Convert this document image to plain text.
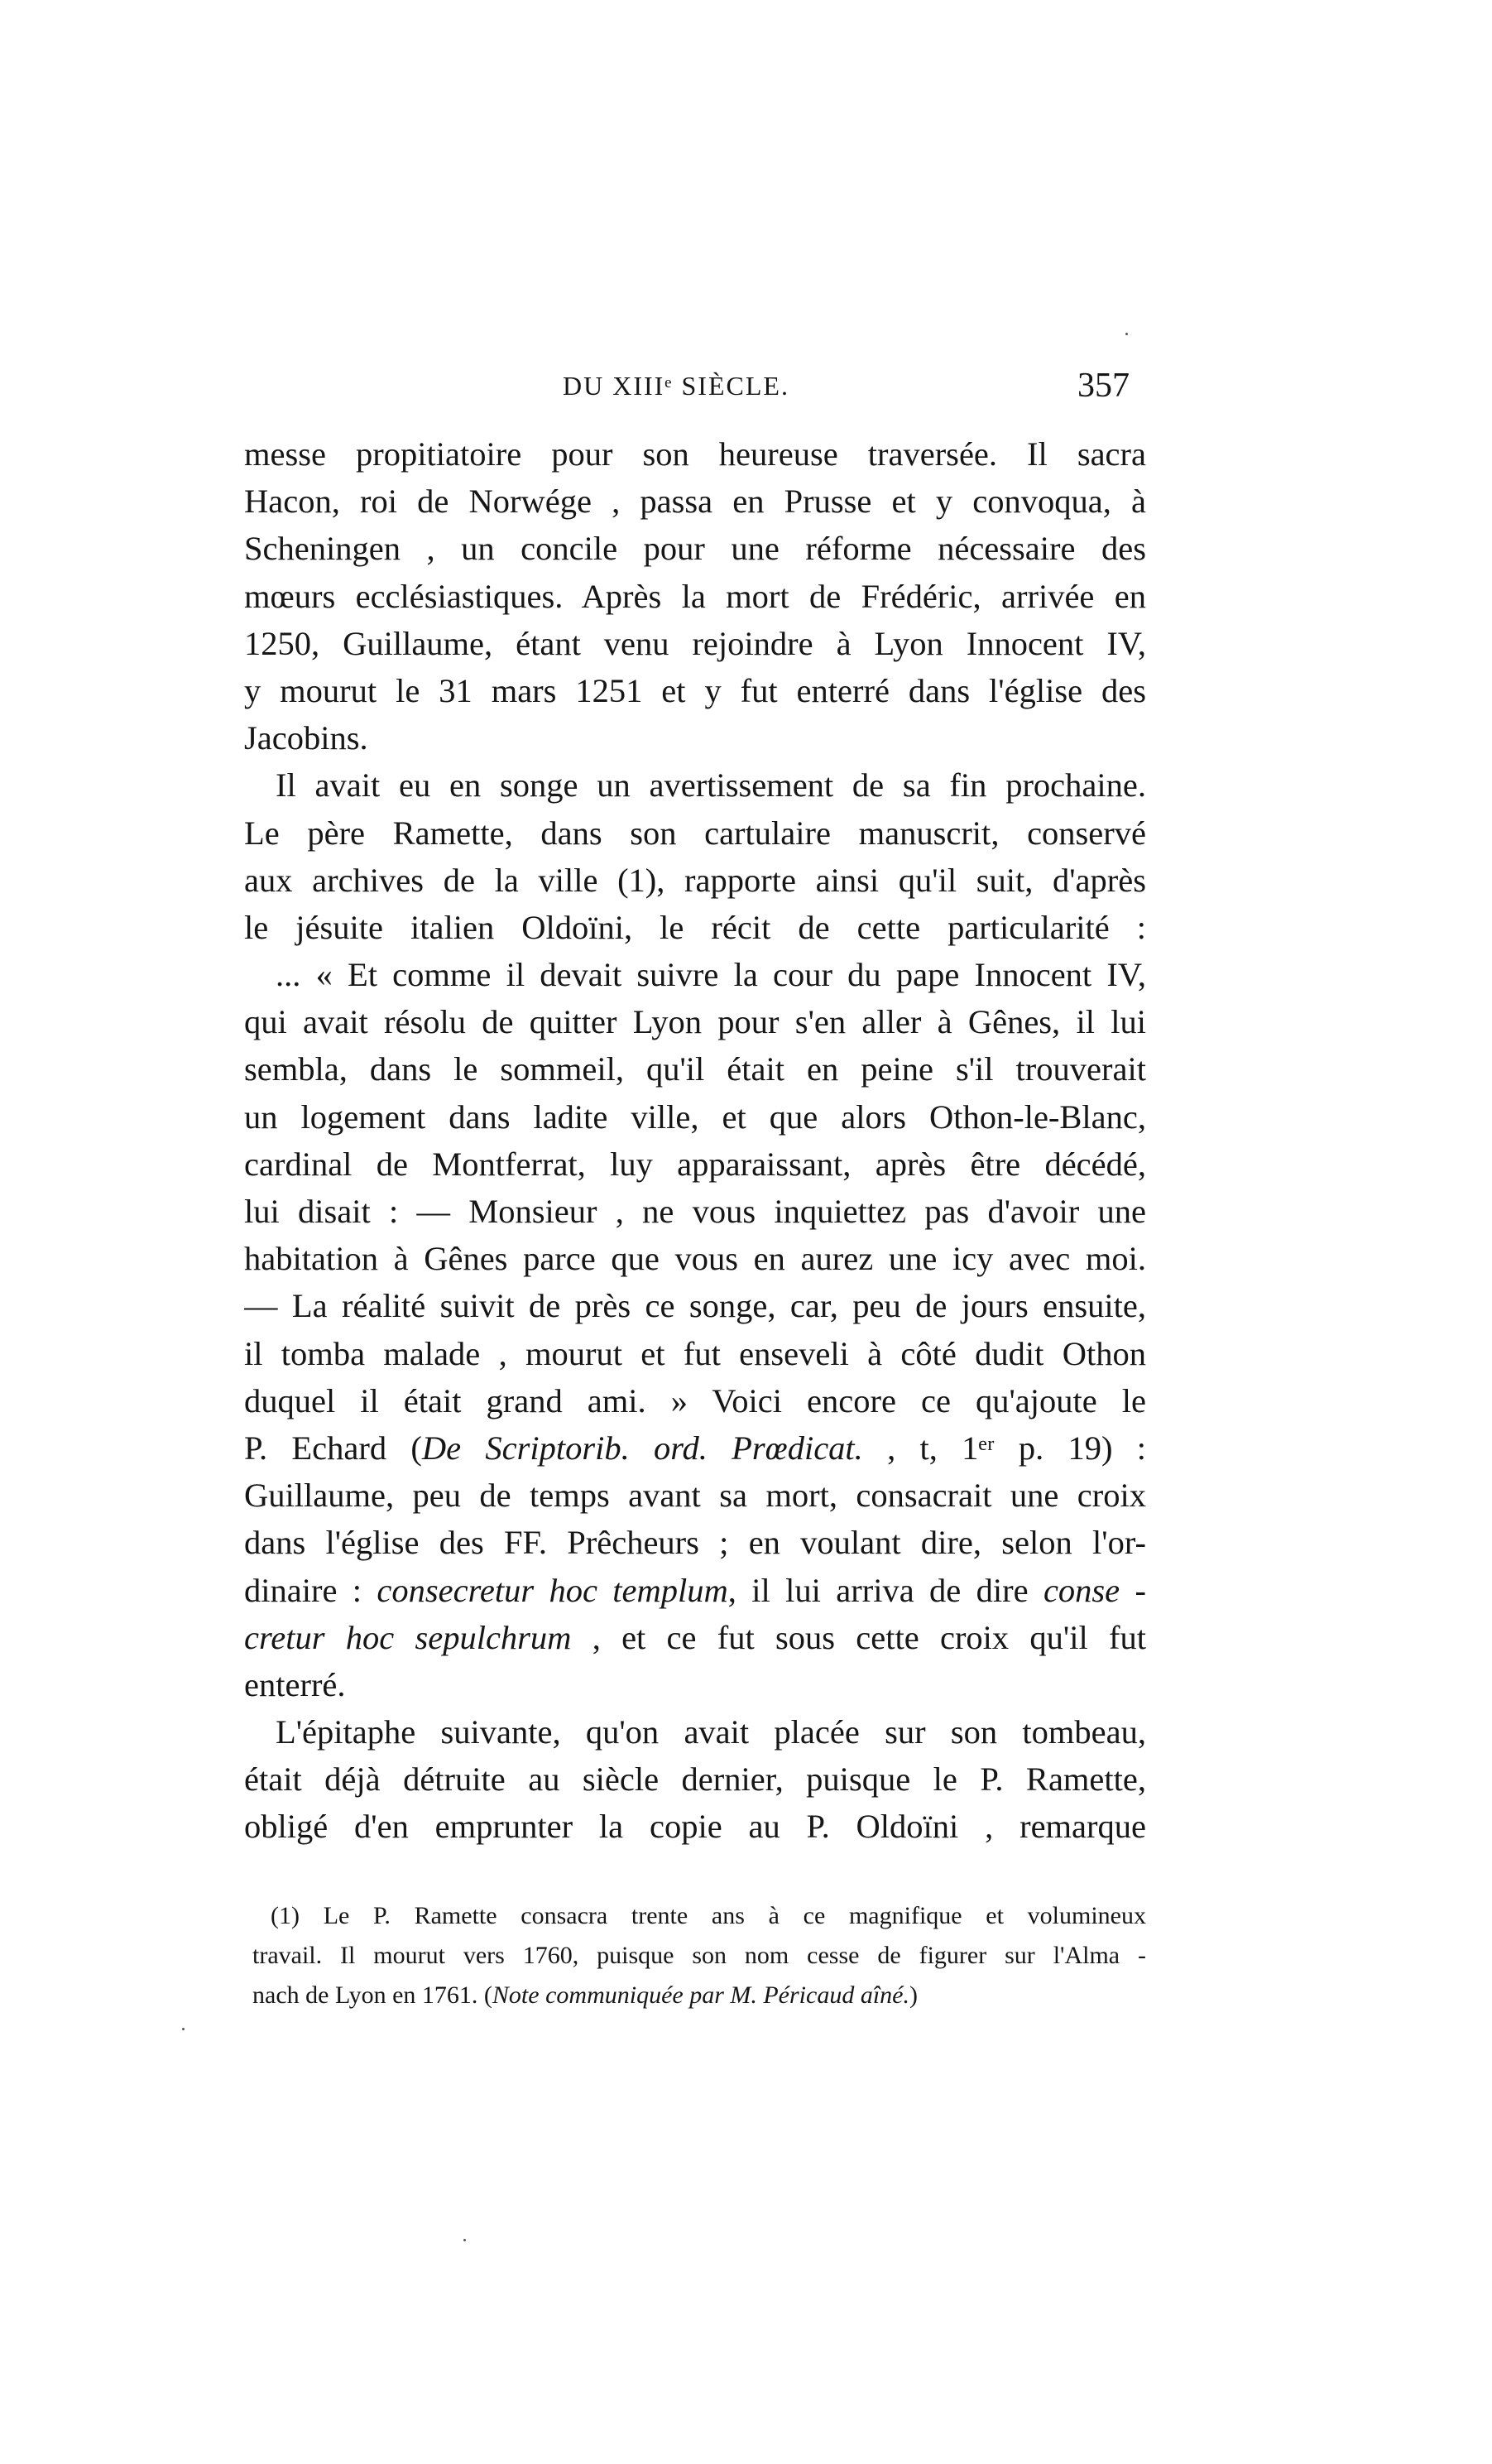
DU XIIIᵉ SIÈCLE.	357
messe propitiatoire pour son heureuse traversée. Il sacra
Hacon, roi de Norwége , passa en Prusse et y convoqua, à
Scheningen , un concile pour une réforme nécessaire des
mœurs ecclésiastiques. Après la mort de Frédéric, arrivée en
1250, Guillaume, étant venu rejoindre à Lyon Innocent IV,
y mourut le 31 mars 1251 et y fut enterré dans l'église des
Jacobins.
Il avait eu en songe un avertissement de sa fin prochaine.
Le père Ramette, dans son cartulaire manuscrit, conservé
aux archives de la ville (1), rapporte ainsi qu'il suit, d'après
le jésuite italien Oldoïni, le récit de cette particularité :
... « Et comme il devait suivre la cour du pape Innocent IV,
qui avait résolu de quitter Lyon pour s'en aller à Gênes, il lui
sembla, dans le sommeil, qu'il était en peine s'il trouverait
un logement dans ladite ville, et que alors Othon-le-Blanc,
cardinal de Montferrat, luy apparaissant, après être décédé,
lui disait : — Monsieur , ne vous inquiettez pas d'avoir une
habitation à Gênes parce que vous en aurez une icy avec moi.
— La réalité suivit de près ce songe, car, peu de jours ensuite,
il tomba malade , mourut et fut enseveli à côté dudit Othon
duquel il était grand ami. » Voici encore ce qu'ajoute le
P. Echard (De Scriptorib. ord. Prœdicat. , t, 1ᵉʳ p. 19) :
Guillaume, peu de temps avant sa mort, consacrait une croix
dans l'église des FF. Prêcheurs ; en voulant dire, selon l'or-
dinaire : consecretur hoc templum, il lui arriva de dire conse -
cretur hoc sepulchrum , et ce fut sous cette croix qu'il fut
enterré.
L'épitaphe suivante, qu'on avait placée sur son tombeau,
était déjà détruite au siècle dernier, puisque le P. Ramette,
obligé d'en emprunter la copie au P. Oldoïni , remarque
(1) Le P. Ramette consacra trente ans à ce magnifique et volumineux
travail. Il mourut vers 1760, puisque son nom cesse de figurer sur l'Alma -
nach de Lyon en 1761. (Note communiquée par M. Péricaud aîné.)
